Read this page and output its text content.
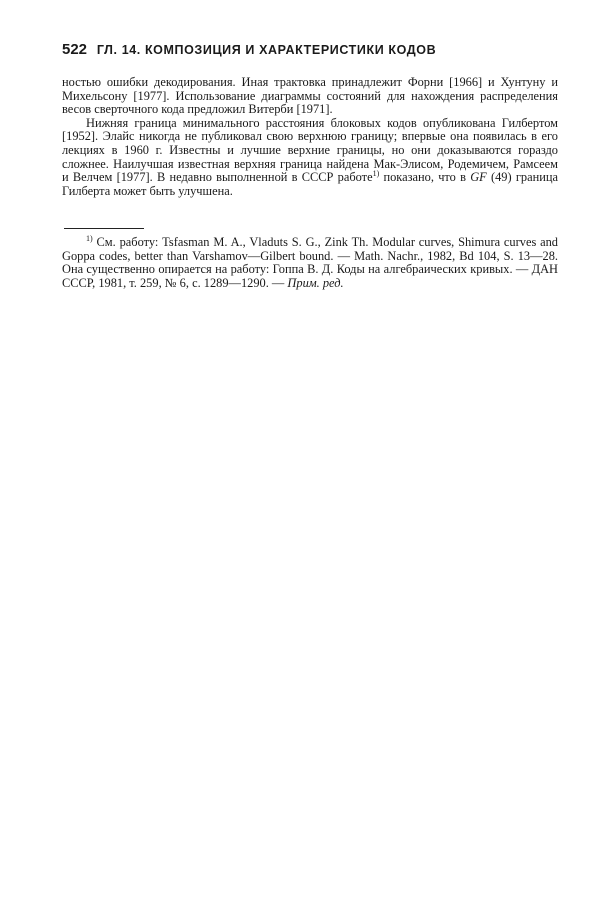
522 ГЛ. 14. КОМПОЗИЦИЯ И ХАРАКТЕРИСТИКИ КОДОВ

ностью ошибки декодирования. Иная трактовка принадлежит Форни [1966] и Хунтуну и Михельсону [1977]. Использование диаграммы состояний для нахождения распределения весов сверточного кода предложил Витерби [1971].

Нижняя граница минимального расстояния блоковых кодов опубликована Гилбертом [1952]. Элайс никогда не публиковал свою верхнюю границу; впервые она появилась в его лекциях в 1960 г. Известны и лучшие верхние границы, но они доказываются гораздо сложнее. Наилучшая известная верхняя граница найдена Мак-Элисом, Родемичем, Рамсеем и Велчем [1977]. В недавно выполненной в СССР работе$^{1)}$ показано, что в GF (49) граница Гилберта может быть улучшена.

$^{1)}$ См. работу: Tsfasman M. A., Vladuts S. G., Zink Th. Modular curves, Shimura curves and Goppa codes, better than Varshamov—Gilbert bound. — Math. Nachr., 1982, Bd 104, S. 13—28. Она существенно опирается на работу: Гоппа В. Д. Коды на алгебраических кривых. — ДАН СССР, 1981, т. 259, № 6, с. 1289—1290. — Прим. ред.
